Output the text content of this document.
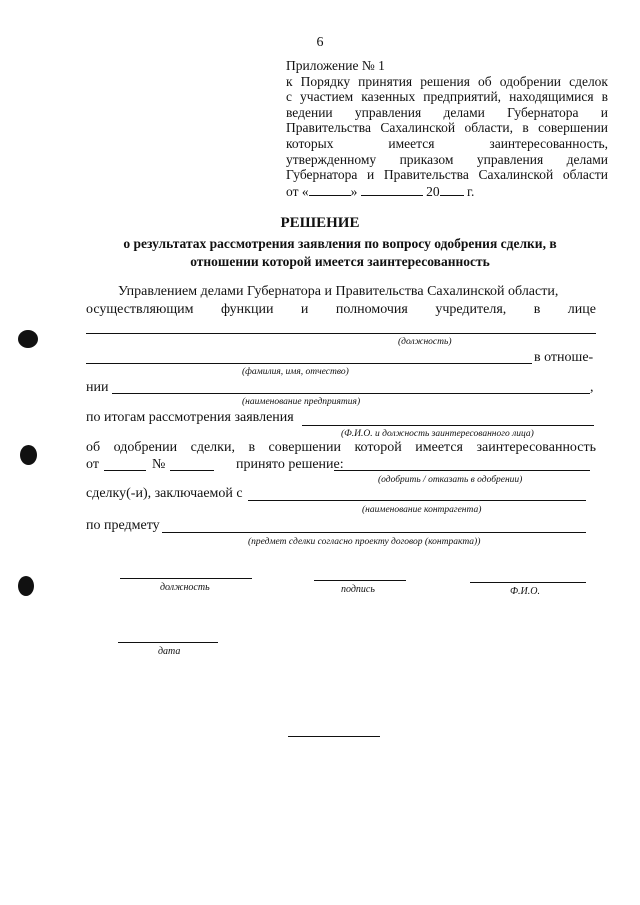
6
Приложение № 1
к Порядку принятия решения об одобрении сделок
с участием казенных предприятий, находящимися в
ведении управления делами Губернатора и
Правительства Сахалинской области, в совершении
которых имеется заинтересованность,
утвержденному приказом управления делами
Губернатора и Правительства Сахалинской области
от «	»	20 г.
РЕШЕНИЕ
о результатах рассмотрения заявления по вопросу одобрения сделки, в
отношении которой имеется заинтересованность
Управлением делами Губернатора и Правительства Сахалинской области,
осуществляющим функции и полномочия учредителя, в лице
(должность)
в отноше-
(фамилия, имя, отчество)
нии	,
(наименование предприятия)
по итогам рассмотрения заявления
(Ф.И.О. и должность заинтересованного лица)
об одобрении сделки, в совершении которой имеется заинтересованность
от	№	принято решение:
(одобрить / отказать в одобрении)
сделку(-и), заключаемой с
(наименование контрагента)
по предмету
(предмет сделки согласно проекту договор (контракта))
должность	подпись	Ф.И.О.
дата
